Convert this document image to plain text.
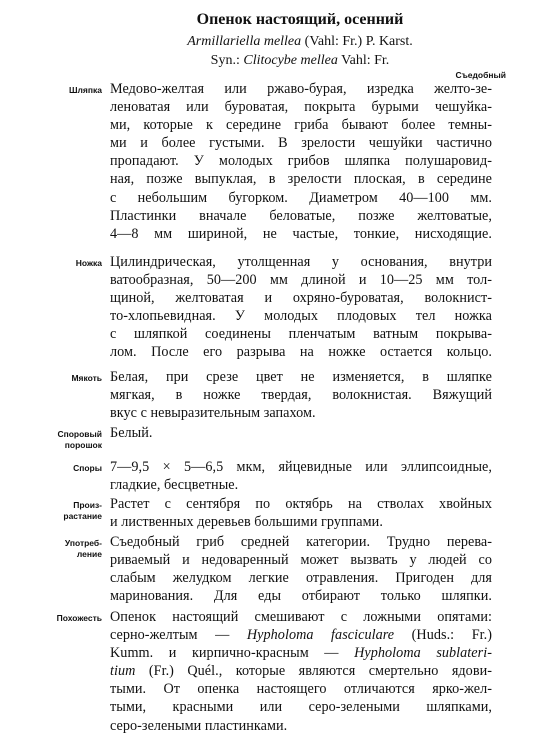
Опенок настоящий, осенний
Armillariella mellea (Vahl: Fr.) P. Karst.
Syn.: Clitocybe mellea Vahl: Fr.
Съедобный
Шляпка Медово-желтая или ржаво-бурая, изредка желто-зе-
леноватая или буроватая, покрыта бурыми чешуйка-
ми, которые к середине гриба бывают более темны-
ми и более густыми. В зрелости чешуйки частично
пропадают. У молодых грибов шляпка полушаровид-
ная, позже выпуклая, в зрелости плоская, в середине
с небольшим бугорком. Диаметром 40—100 мм.
Пластинки вначале беловатые, позже желтоватые,
4—8 мм шириной, не частые, тонкие, нисходящие.
Ножка Цилиндрическая, утолщенная у основания, внутри
ватообразная, 50—200 мм длиной и 10—25 мм тол-
щиной, желтоватая и охряно-буроватая, волокнист-
то-хлопьевидная. У молодых плодовых тел ножка
с шляпкой соединены пленчатым ватным покрыва-
лом. После его разрыва на ножке остается кольцо.
Мякоть Белая, при срезе цвет не изменяется, в шляпке
мягкая, в ножке твердая, волокнистая. Вяжущий
вкус с невыразительным запахом.
Споровый
порошок
Белый.
Споры 7—9,5 × 5—6,5 мкм, яйцевидные или эллипсоидные,
гладкие, бесцветные.
Произ-
растание
Растет с сентября по октябрь на стволах хвойных
и лиственных деревьев большими группами.
Употреб-
ление
Съедобный гриб средней категории. Трудно перева-
риваемый и недоваренный может вызвать у людей со
слабым желудком легкие отравления. Пригоден для
маринования. Для еды отбирают только шляпки.
Похожесть Опенок настоящий смешивают с ложными опятами:
серно-желтым — Hypholoma fasciculare (Huds.: Fr.)
Kumm. и кирпично-красным — Hypholoma sublateri-
tium (Fr.) Quél., которые являются смертельно ядови-
тыми. От опенка настоящего отличаются ярко-жел-
тыми, красными или серо-зелеными шляпками,
серо-зелеными пластинками.
